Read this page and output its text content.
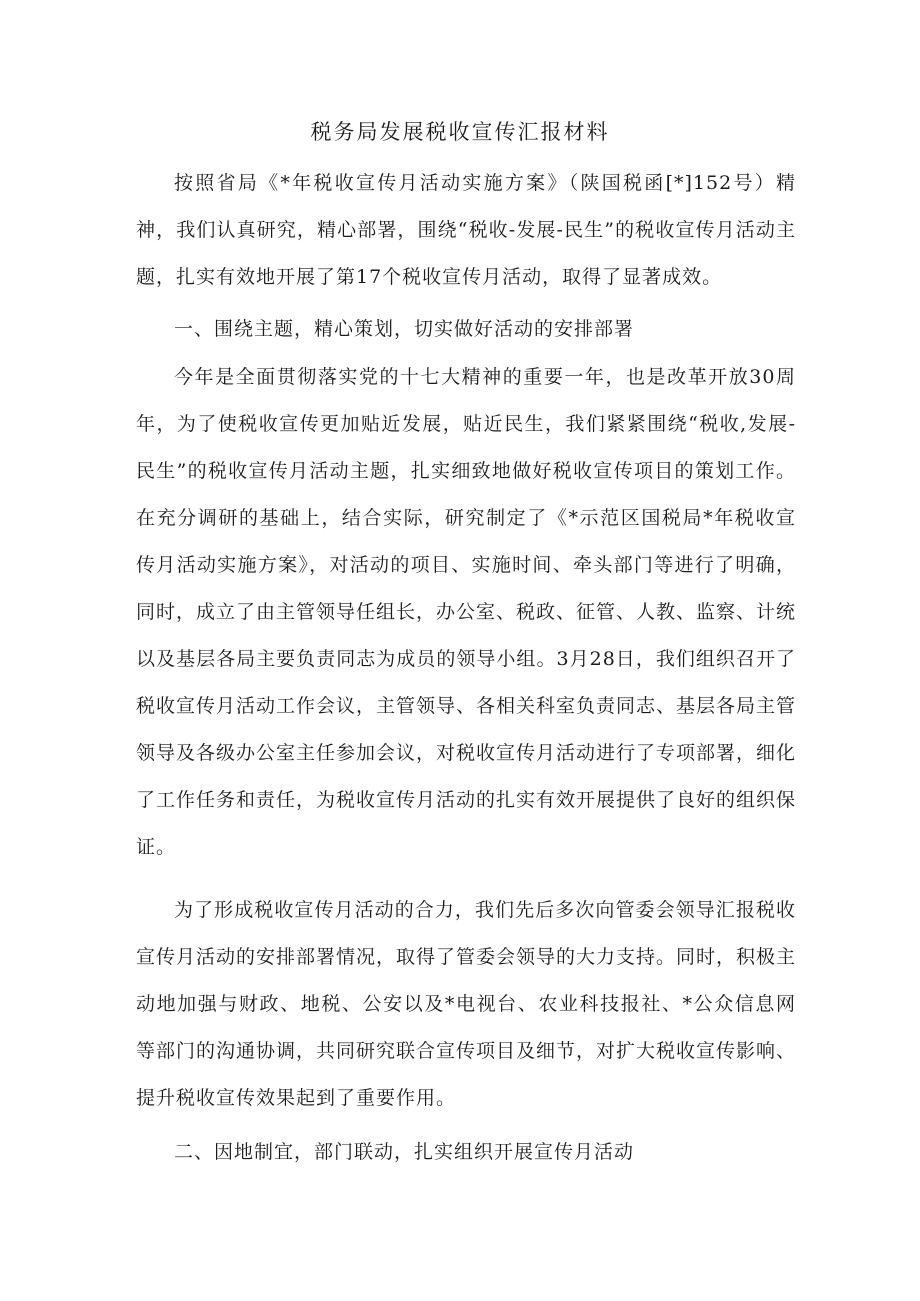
税务局发展税收宣传汇报材料

按照省局《*年税收宣传月活动实施方案》（陕国税函[*]152号）精神，我们认真研究，精心部署，围绕“税收-发展-民生”的税收宣传月活动主题，扎实有效地开展了第17个税收宣传月活动，取得了显著成效。

一、围绕主题，精心策划，切实做好活动的安排部署

今年是全面贯彻落实党的十七大精神的重要一年，也是改革开放30周年，为了使税收宣传更加贴近发展，贴近民生，我们紧紧围绕“税收,发展-民生”的税收宣传月活动主题，扎实细致地做好税收宣传项目的策划工作。在充分调研的基础上，结合实际，研究制定了《*示范区国税局*年税收宣传月活动实施方案》，对活动的项目、实施时间、牵头部门等进行了明确，同时，成立了由主管领导任组长，办公室、税政、征管、人教、监察、计统以及基层各局主要负责同志为成员的领导小组。3月28日，我们组织召开了税收宣传月活动工作会议，主管领导、各相关科室负责同志、基层各局主管领导及各级办公室主任参加会议，对税收宣传月活动进行了专项部署，细化了工作任务和责任，为税收宣传月活动的扎实有效开展提供了良好的组织保证。

为了形成税收宣传月活动的合力，我们先后多次向管委会领导汇报税收宣传月活动的安排部署情况，取得了管委会领导的大力支持。同时，积极主动地加强与财政、地税、公安以及*电视台、农业科技报社、*公众信息网等部门的沟通协调，共同研究联合宣传项目及细节，对扩大税收宣传影响、提升税收宣传效果起到了重要作用。

二、因地制宜，部门联动，扎实组织开展宣传月活动
